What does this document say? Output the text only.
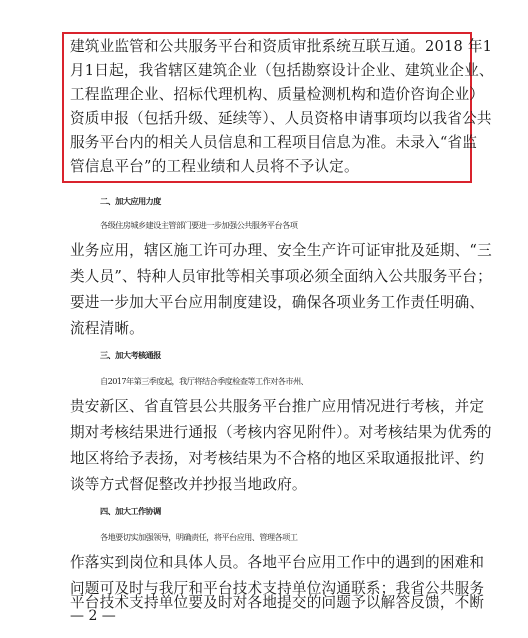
建筑业监管和公共服务平台和资质审批系统互联互通。2018 年1
月1日起，我省辖区建筑企业（包括勘察设计企业、建筑业企业、
工程监理企业、招标代理机构、质量检测机构和造价咨询企业）
资质申报（包括升级、延续等）、人员资格申请事项均以我省公共
服务平台内的相关人员信息和工程项目信息为准。未录入“省监
管信息平台”的工程业绩和人员将不予认定。
二、加大应用力度
各级住房城乡建设主管部门要进一步加强公共服务平台各项
业务应用，辖区施工许可办理、安全生产许可证审批及延期、“三
类人员”、特种人员审批等相关事项必须全面纳入公共服务平台；
要进一步加大平台应用制度建设，确保各项业务工作责任明确、
流程清晰。
三、加大考核通报
自2017年第三季度起，我厅将结合季度检查等工作对各市州、
贵安新区、省直管县公共服务平台推广应用情况进行考核，并定
期对考核结果进行通报（考核内容见附件）。对考核结果为优秀的
地区将给予表扬，对考核结果为不合格的地区采取通报批评、约
谈等方式督促整改并抄报当地政府。
四、加大工作协调
各地要切实加强领导，明确责任，将平台应用、管理各项工
作落实到岗位和具体人员。各地平台应用工作中的遇到的困难和
问题可及时与我厅和平台技术支持单位沟通联系；我省公共服务
平台技术支持单位要及时对各地提交的问题予以解答反馈，不断
— 2 —
